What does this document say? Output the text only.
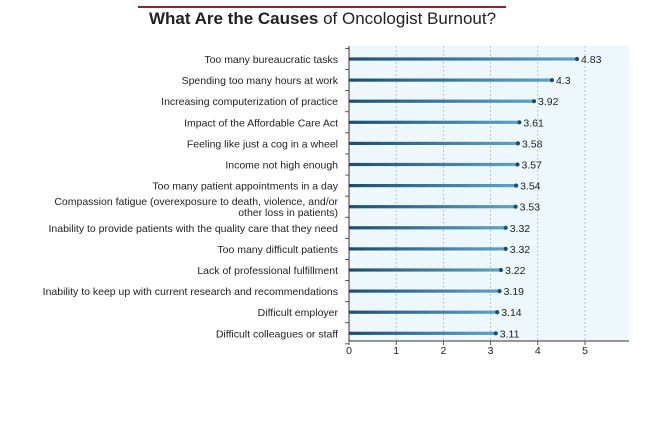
What Are the Causes of Oncologist Burnout?
4.83
4.3
3.92
3.61
3.58
3.57
3.54
3.53
3.32
3.32
3.22
3.19
3.14
3.11
Too many bureaucratic tasks
Spending too many hours at work
Increasing computerization of practice
Impact of the Affordable Care Act
Feeling like just a cog in a wheel
Income not high enough
Too many patient appointments in a day
Compassion fatigue (overexposure to death, violence, and/or other loss in patients)
Inability to provide patients with the quality care that they need
Too many difficult patients
Lack of professional fulfillment
Inability to keep up with current research and recommendations
Difficult employer
Difficult colleagues or staff
0	1	2	3	4	5
